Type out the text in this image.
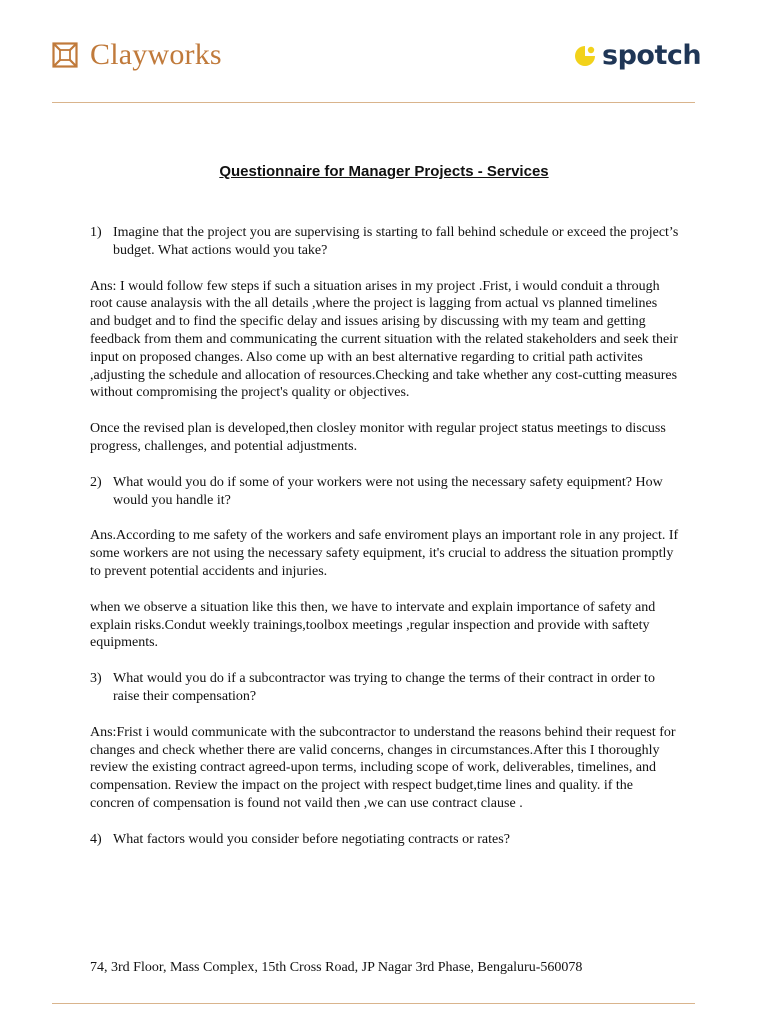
Clayworks	spotch
Questionnaire for Manager Projects - Services
1) Imagine that the project you are supervising is starting to fall behind schedule or exceed the project’s budget. What actions would you take?

Ans: I would follow few steps if such a situation arises in my project .Frist, i would conduit a through root cause analaysis with the all details ,where the project is lagging from actual vs planned timelines and budget and to find the specific delay and issues arising by discussing with my team and getting feedback from them and communicating the current situation with the related stakeholders and seek their input on proposed changes. Also come up with an best alternative regarding to critial path activites ,adjusting the schedule and allocation of resources.Checking and take whether any cost-cutting measures without compromising the project's quality or objectives.

Once the revised plan is developed,then closley monitor with regular project status meetings to discuss progress, challenges, and potential adjustments.

2) What would you do if some of your workers were not using the necessary safety equipment? How would you handle it?

Ans.According to me safety of the workers and safe enviroment plays an important role in any project. If some workers are not using the necessary safety equipment, it's crucial to address the situation promptly to prevent potential accidents and injuries.

when we observe a situation like this then, we have to intervate and explain importance of safety and explain risks.Condut weekly trainings,toolbox meetings ,regular inspection and provide with saftety equipments.

3) What would you do if a subcontractor was trying to change the terms of their contract in order to raise their compensation?

Ans:Frist i would communicate with the subcontractor to understand the reasons behind their request for changes and check whether there are valid concerns, changes in circumstances.After this I thoroughly review the existing contract agreed-upon terms, including scope of work, deliverables, timelines, and compensation. Review the impact on the project with respect budget,time lines and quality. if the concren of compensation is found not vaild then ,we can use contract clause .

4) What factors would you consider before negotiating contracts or rates?
74, 3rd Floor, Mass Complex, 15th Cross Road, JP Nagar 3rd Phase, Bengaluru-560078
